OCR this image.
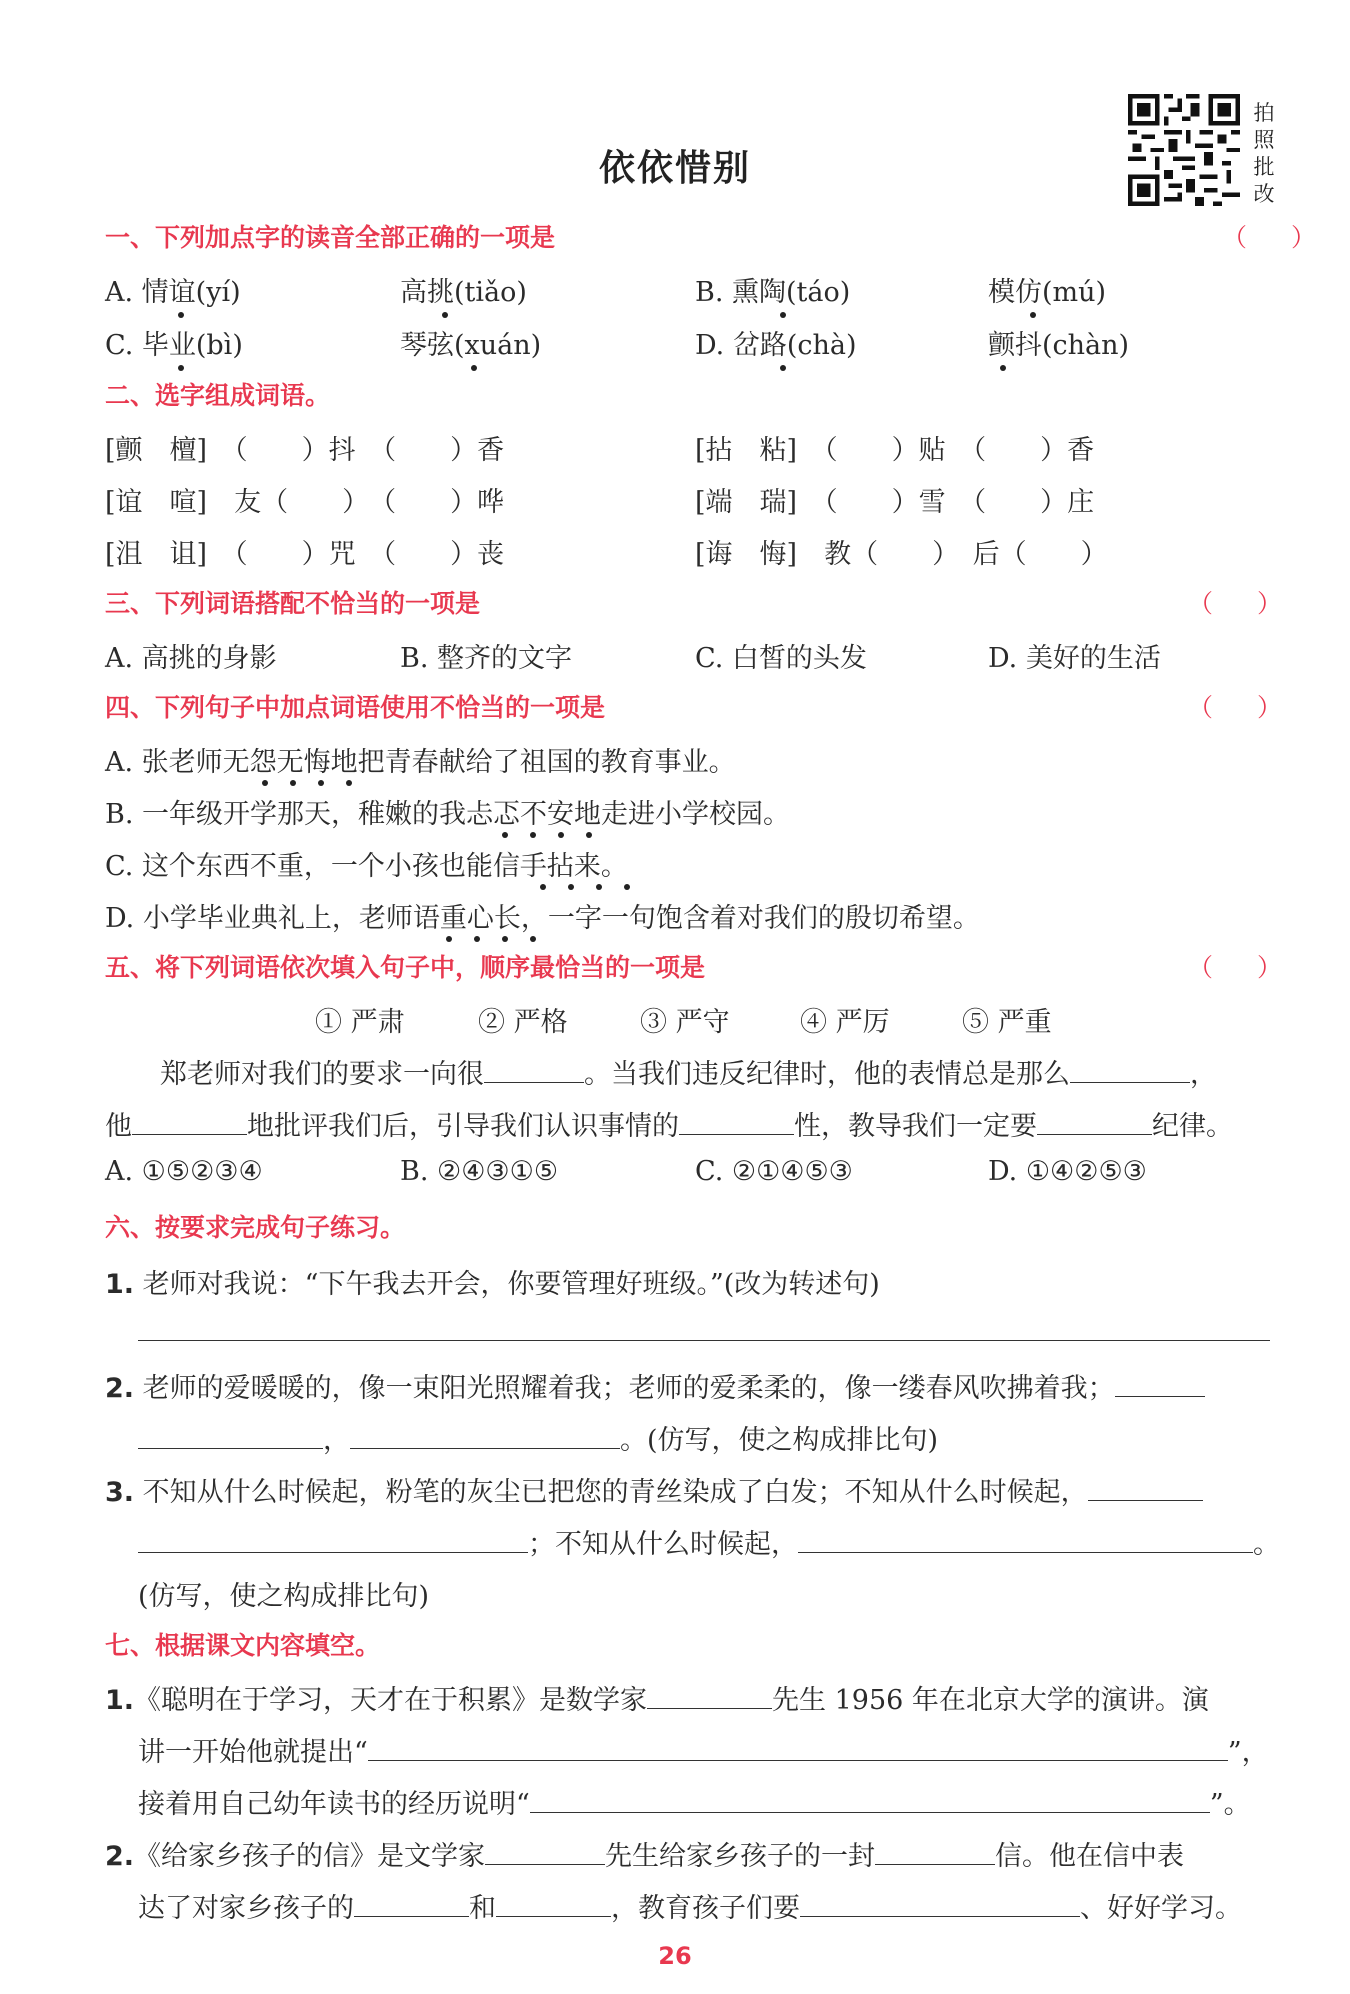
依依惜别
拍
照
批
改
一、下列加点字的读音全部正确的一项是	（ ）
A. 情谊(yí)	高挑(tiǎo)	B. 熏陶(táo)	模仿(mú)
C. 毕业(bì)	琴弦(xuán)	D. 岔路(chà)	颤抖(chàn)
二、选字组成词语。
[颤　檀]　（　　）抖　（　　）香	[拈　粘]　（　　）贴　（　　）香
[谊　喧]　友（　　）　（　　）哗	[端　瑞]　（　　）雪　（　　）庄
[沮　诅]　（　　）咒　（　　）丧	[诲　悔]　教（　　）　后（　　）
三、下列词语搭配不恰当的一项是	（ ）
A. 高挑的身影	B. 整齐的文字	C. 白皙的头发	D. 美好的生活
四、下列句子中加点词语使用不恰当的一项是	（ ）
A. 张老师无怨无悔地把青春献给了祖国的教育事业。
B. 一年级开学那天，稚嫩的我忐忑不安地走进小学校园。
C. 这个东西不重，一个小孩也能信手拈来。
D. 小学毕业典礼上，老师语重心长，一字一句饱含着对我们的殷切希望。
五、将下列词语依次填入句子中，顺序最恰当的一项是	（ ）
① 严肃	② 严格	③ 严守	④ 严厉	⑤ 严重
郑老师对我们的要求一向很	。当我们违反纪律时，他的表情总是那么	，
他	地批评我们后，引导我们认识事情的	性，教导我们一定要	纪律。
A. ①⑤②③④	B. ②④③①⑤	C. ②①④⑤③	D. ①④②⑤③
六、按要求完成句子练习。
1. 老师对我说：“下午我去开会，你要管理好班级。”(改为转述句)
2. 老师的爱暖暖的，像一束阳光照耀着我；老师的爱柔柔的，像一缕春风吹拂着我；
，	。(仿写，使之构成排比句)
3. 不知从什么时候起，粉笔的灰尘已把您的青丝染成了白发；不知从什么时候起，
；不知从什么时候起，	。
(仿写，使之构成排比句)
七、根据课文内容填空。
1.《聪明在于学习，天才在于积累》是数学家	先生 1956 年在北京大学的演讲。演
讲一开始他就提出“	”，
接着用自己幼年读书的经历说明“	”。
2.《给家乡孩子的信》是文学家	先生给家乡孩子的一封	信。他在信中表
达了对家乡孩子的	和	，教育孩子们要	、好好学习。
26
